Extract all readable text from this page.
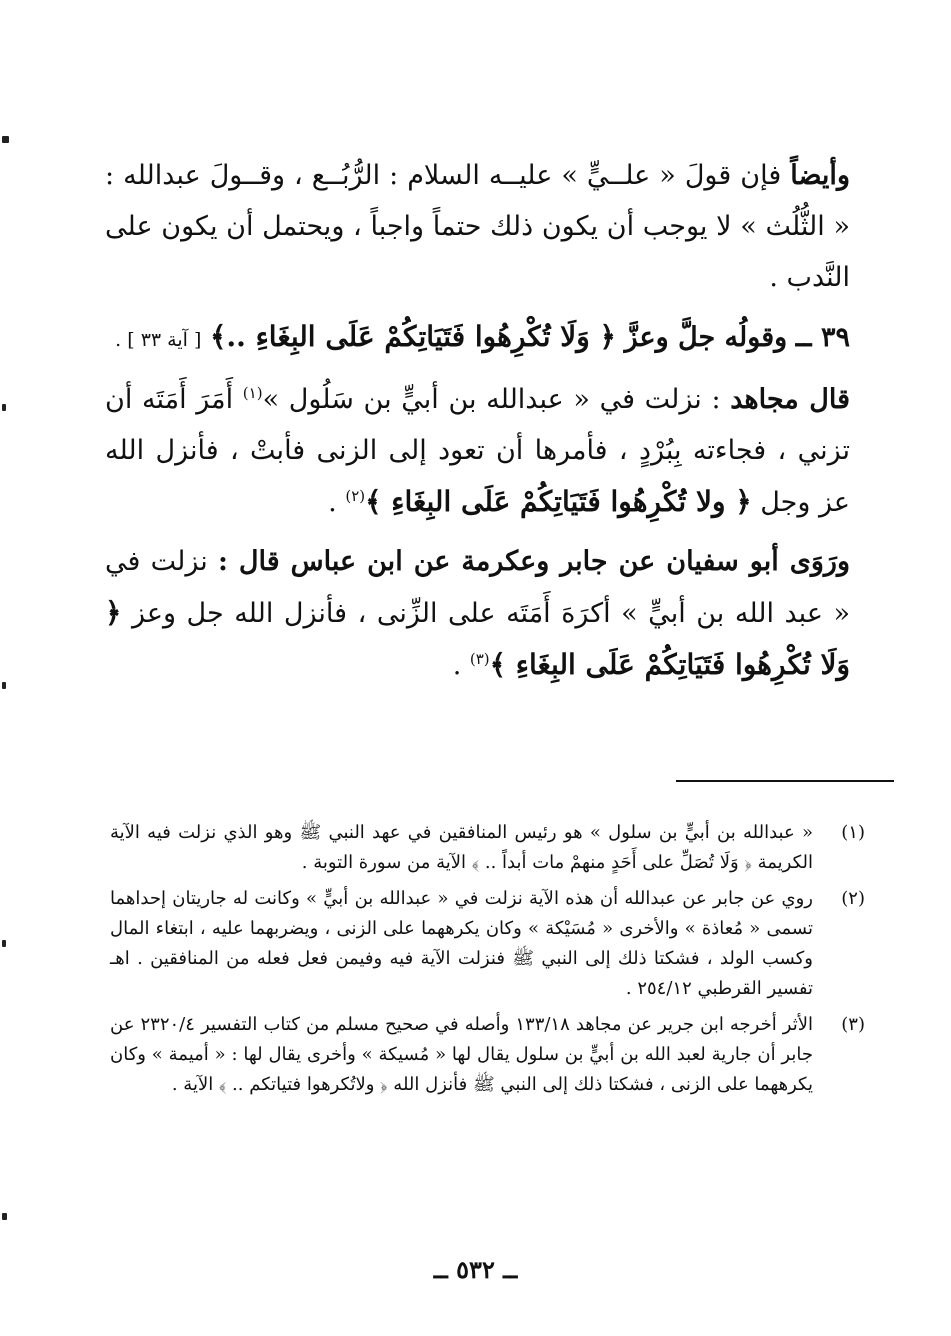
وأيضاً فإن قولَ « علــيٍّ » عليــه السلام : الرُّبُــع ، وقــولَ عبدالله : « الثُّلُث » لا يوجب أن يكون ذلك حتماً واجباً ، ويحتمل أن يكون على النَّدب .

٣٩ ــ وقولُه جلَّ وعزَّ ﴿ وَلَا تُكْرِهُوا فَتَيَاتِكُمْ عَلَى البِغَاءِ ..﴾ [ آية ٣٣ ] .

قال مجاهد : نزلت في « عبدالله بن أبيٍّ بن سَلُول »$^{(١)}$ أَمَرَ أَمَتَه أن تزني ، فجاءته بِبُرْدٍ ، فأمرها أن تعود إلى الزنى فأبتْ ، فأنزل الله عز وجل ﴿ ولا تُكْرِهُوا فَتَيَاتِكُمْ عَلَى البِغَاءِ ﴾$^{(٢)}$ .

ورَوَى أبو سفيان عن جابر وعكرمة عن ابن عباس قال : نزلت في « عبد الله بن أبيٍّ » أكرَهَ أَمَتَه على الزِّنى ، فأنزل الله جل وعز ﴿ وَلَا تُكْرِهُوا فَتَيَاتِكُمْ عَلَى البِغَاءِ ﴾$^{(٣)}$ .

(١)
« عبدالله بن أبيٍّ بن سلول » هو رئيس المنافقين في عهد النبي ﷺ وهو الذي نزلت فيه الآية الكريمة ﴿ وَلَا تُصَلِّ على أَحَدٍ منهمْ مات أبداً .. ﴾ الآية من سورة التوبة .
(٢)
روي عن جابر عن عبدالله أن هذه الآية نزلت في « عبدالله بن أبيٍّ » وكانت له جاريتان إحداهما تسمى « مُعاذة » والأخرى « مُسَيْكة » وكان يكرههما على الزنى ، ويضربهما عليه ، ابتغاء المال وكسب الولد ، فشكتا ذلك إلى النبي ﷺ فنزلت الآية فيه وفيمن فعل فعله من المنافقين . اهـ تفسير القرطبي ٢٥٤/١٢ .
(٣)
الأثر أخرجه ابن جرير عن مجاهد ١٣٣/١٨ وأصله في صحيح مسلم من كتاب التفسير ٢٣٢٠/٤ عن جابر أن جارية لعبد الله بن أبيٍّ بن سلول يقال لها « مُسيكة » وأخرى يقال لها : « أميمة » وكان يكرههما على الزنى ، فشكتا ذلك إلى النبي ﷺ فأنزل الله ﴿ ولاتُكرهوا فتياتكم .. ﴾ الآية .
ــ ٥٣٢ ــ
